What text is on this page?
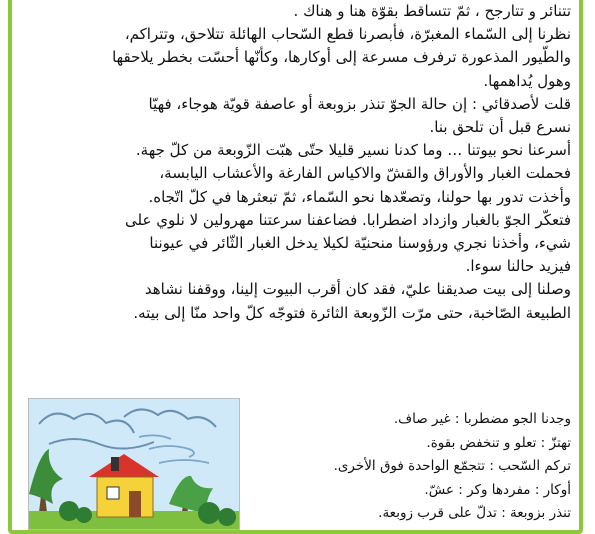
تتنائر و تتارجح ، ثمّ تتساقط بقوّة هنا و هناك .

نظرنا إلى السّماء المغبرّة، فأبصرنا قطع السّحاب الهائلة تتلاحق، وتتراكم،

والطّيور المذعورة ترفرف مسرعة إلى أوكارها، وكأنّها أحسّت بخطر يلاحقها

وهول يُداهمها.

قلت لأصدقائي : إن حالة الجوّ تنذر بزوبعة أو عاصفة قويّة هوجاء، فهيّا

نسرع قبل أن تلحق بنا.

أسرعنا نحو بيوتنا … وما كدنا نسير قليلا حتّى هبّت الزّوبعة من كلّ جهة.

فحملت الغبار والأوراق والقشّ والاكياس الفارغة والأعشاب اليابسة،

وأخذت تدور بها حولنا، وتصعّدها نحو السّماء، ثمّ تبعثرها في كلّ اتّجاه.

فتعكّر الجوّ بالغبار وازداد اضطرابا. فضاعفنا سرعتنا مهرولين لا نلوي على

شيء، وأخذنا نجري ورؤوسنا منحنيّة لكيلا يدخل الغبار الثّائر في عيوننا

فيزيد حالنا سوءا.

وصلنا إلى بيت صديقنا عليّ، فقد كان أقرب البيوت إلينا، ووقفنا نشاهد

الطبيعة الصّاخبة، حتى مرّت الزّوبعة الثائرة فتوجّه كلّ واحد منّا إلى بيته.

وجدنا الجو مضطربا : غير صاف.

تهتزّ : تعلو و تنخفض بقوة.

تركم السّحب : تتجمّع الواحدة فوق الأخرى.

أوكار : مفردها وكر : عشّ.

تنذر بزوبعة : تدلّ على قرب زوبعة.
